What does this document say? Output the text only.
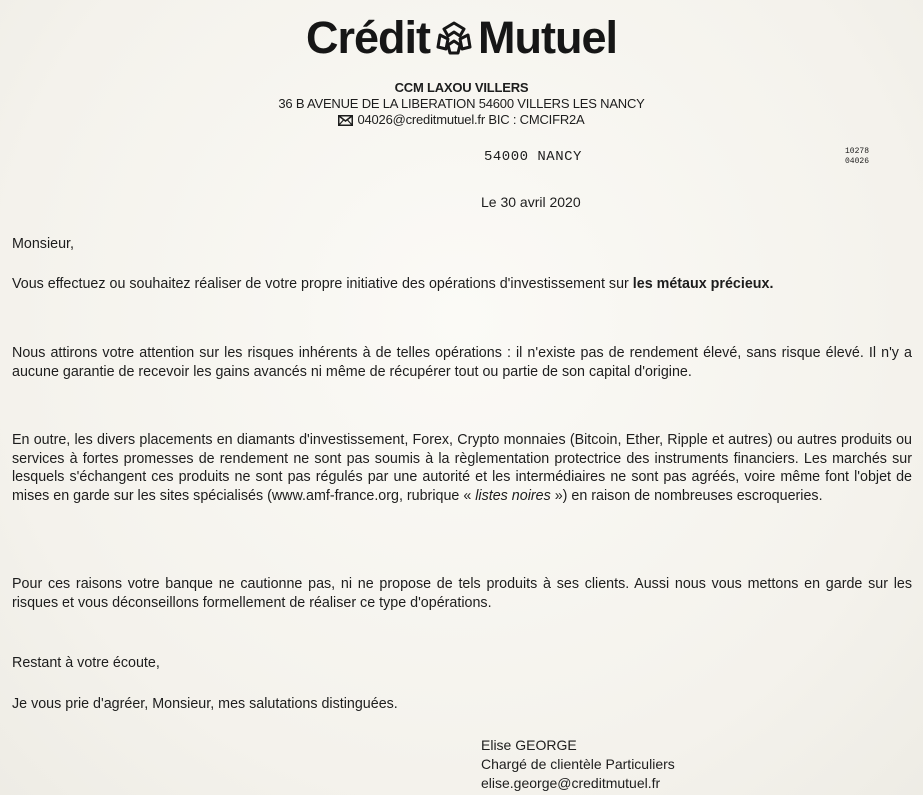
Crédit Mutuel
CCM LAXOU VILLERS
36 B AVENUE DE LA LIBERATION 54600 VILLERS LES NANCY
04026@creditmutuel.fr BIC : CMCIFR2A
54000 NANCY	10278
04026
Le 30 avril 2020

Monsieur,

Vous effectuez ou souhaitez réaliser de votre propre initiative des opérations d'investissement sur les métaux précieux.

Nous attirons votre attention sur les risques inhérents à de telles opérations : il n'existe pas de rendement élevé, sans risque élevé. Il n'y a aucune garantie de recevoir les gains avancés ni même de récupérer tout ou partie de son capital d'origine.

En outre, les divers placements en diamants d'investissement, Forex, Crypto monnaies (Bitcoin, Ether, Ripple et autres) ou autres produits ou services à fortes promesses de rendement ne sont pas soumis à la règlementation protectrice des instruments financiers. Les marchés sur lesquels s'échangent ces produits ne sont pas régulés par une autorité et les intermédiaires ne sont pas agréés, voire même font l'objet de mises en garde sur les sites spécialisés (www.amf-france.org, rubrique « listes noires ») en raison de nombreuses escroqueries.

Pour ces raisons votre banque ne cautionne pas, ni ne propose de tels produits à ses clients. Aussi nous vous mettons en garde sur les risques et vous déconseillons formellement de réaliser ce type d'opérations.

Restant à votre écoute,

Je vous prie d'agréer, Monsieur, mes salutations distinguées.

Elise GEORGE
Chargé de clientèle Particuliers
elise.george@creditmutuel.fr
